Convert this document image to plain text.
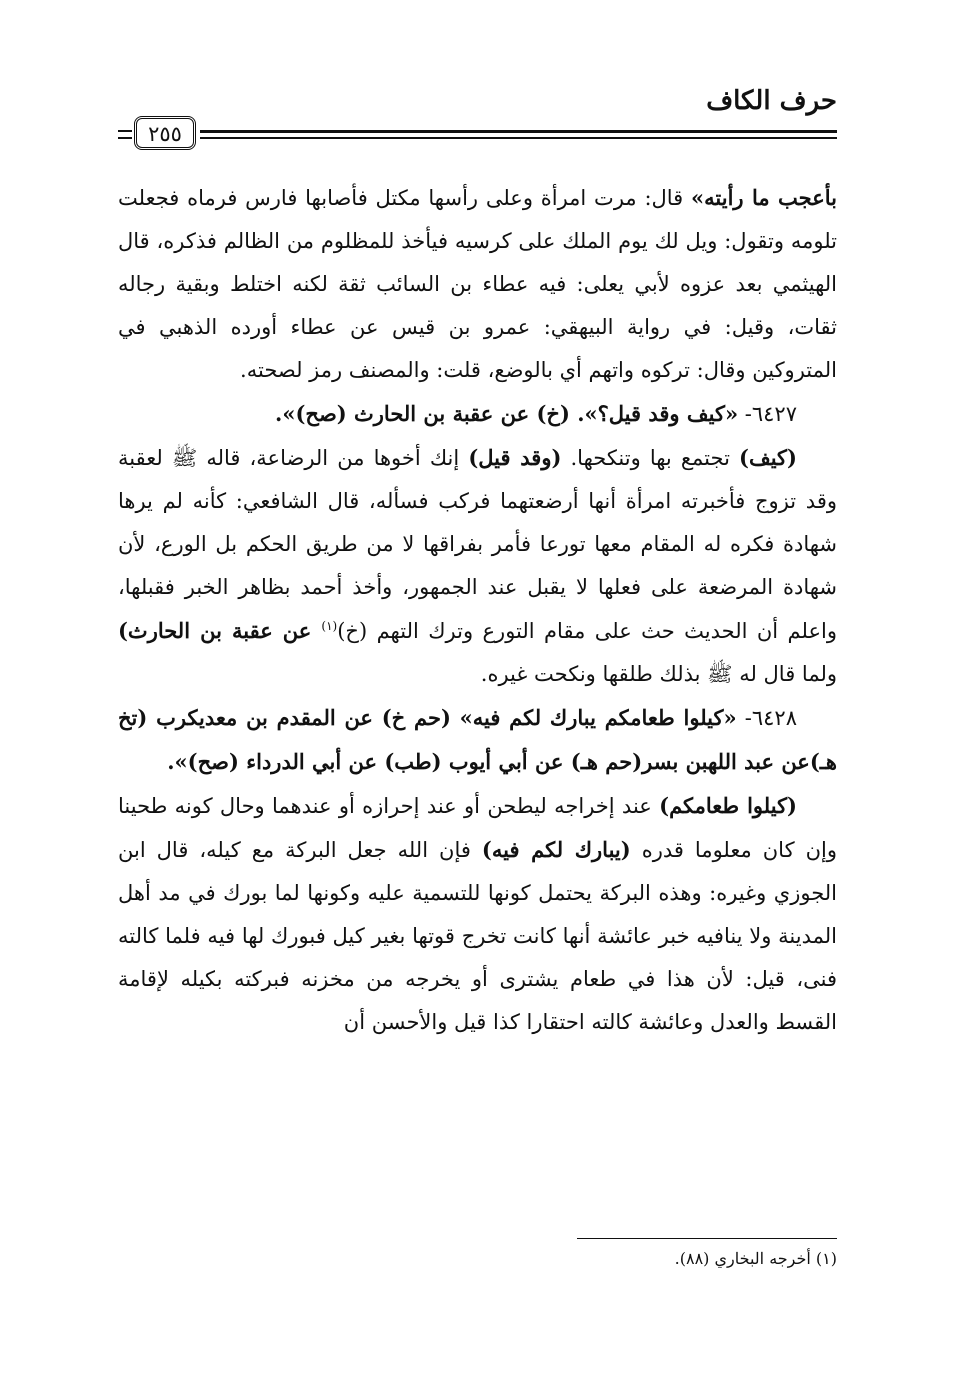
حرف الكاف
٢٥٥

بأعجب ما رأيته» قال: مرت امرأة وعلى رأسها مكتل فأصابها فارس فرماه فجعلت تلومه وتقول: ويل لك يوم الملك على كرسيه فيأخذ للمظلوم من الظالم فذكره، قال الهيثمي بعد عزوه لأبي يعلى: فيه عطاء بن السائب ثقة لكنه اختلط وبقية رجاله ثقات، وقيل: في رواية البيهقي: عمرو بن قيس عن عطاء أورده الذهبي في المتروكين وقال: تركوه واتهم أي بالوضع، قلت: والمصنف رمز لصحته.

٦٤٢٧- «كيف وقد قيل؟». (خ) عن عقبة بن الحارث (صح)».

(كيف) تجتمع بها وتنكحها. (وقد قيل) إنك أخوها من الرضاعة، قاله ﷺ لعقبة وقد تزوج فأخبرته امرأة أنها أرضعتهما فركب فسأله، قال الشافعي: كأنه لم يرها شهادة فكره له المقام معها تورعا فأمر بفراقها لا من طريق الحكم بل الورع، لأن شهادة المرضعة على فعلها لا يقبل عند الجمهور، وأخذ أحمد بظاهر الخبر فقبلها، واعلم أن الحديث حث على مقام التورع وترك التهم (خ)$^{(١)}$ عن عقبة بن الحارث) ولما قال له ﷺ بذلك طلقها ونكحت غيره.

٦٤٢٨- «كيلوا طعامكم يبارك لكم فيه» (حم خ) عن المقدم بن معديكرب (تخ هـ)عن عبد اللهبن بسر(حم هـ) عن أبي أيوب (طب) عن أبي الدرداء (صح)».

(كيلوا طعامكم) عند إخراجه ليطحن أو عند إحرازه أو عندهما وحال كونه طحينا وإن كان معلوما قدره (يبارك لكم فيه) فإن الله جعل البركة مع كيله، قال ابن الجوزي وغيره: وهذه البركة يحتمل كونها للتسمية عليه وكونها لما بورك في مد أهل المدينة ولا ينافيه خبر عائشة أنها كانت تخرج قوتها بغير كيل فبورك لها فيه فلما كالته فنى، قيل: لأن هذا في طعام يشترى أو يخرجه من مخزنه فبركته بكيله لإقامة القسط والعدل وعائشة كالته احتقارا كذا قيل والأحسن أن

(١) أخرجه البخاري (٨٨).
